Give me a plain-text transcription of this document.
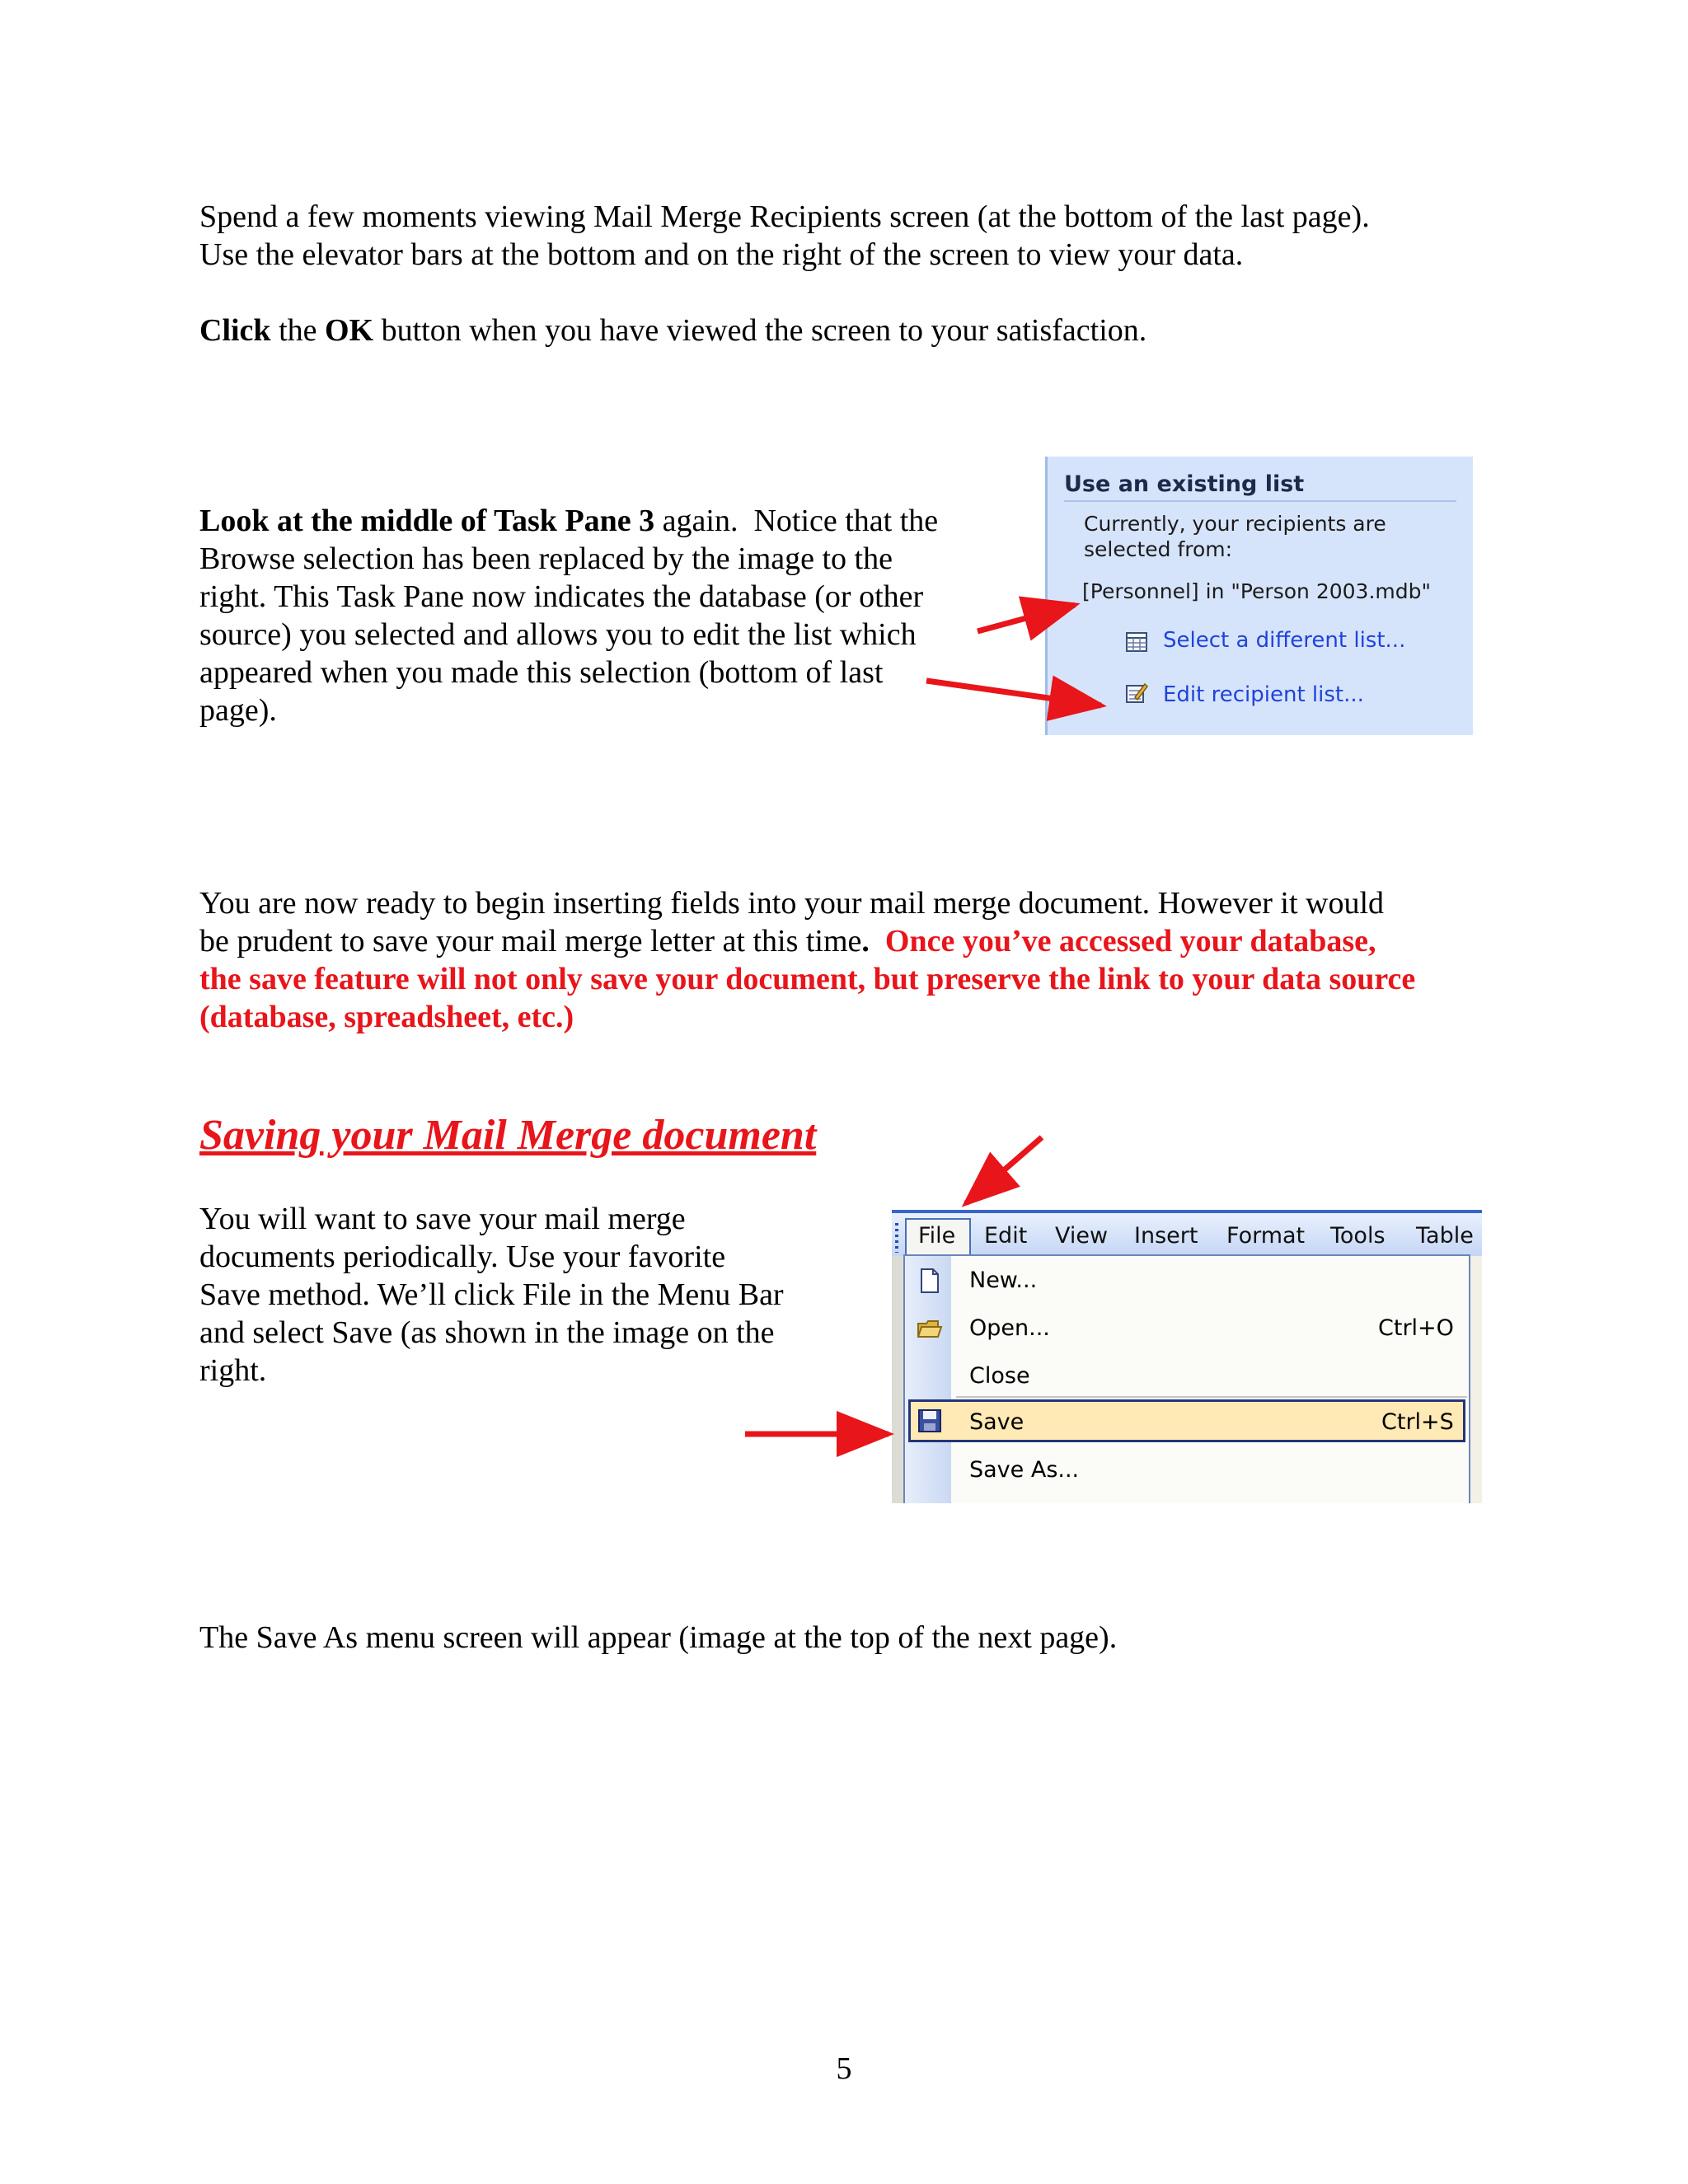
Spend a few moments viewing Mail Merge Recipients screen (at the bottom of the last page).
Use the elevator bars at the bottom and on the right of the screen to view your data.
Click the OK button when you have viewed the screen to your satisfaction.
Look at the middle of Task Pane 3 again.  Notice that the
Browse selection has been replaced by the image to the
right. This Task Pane now indicates the database (or other
source) you selected and allows you to edit the list which
appeared when you made this selection (bottom of last
page).
Use an existing list
Currently, your recipients are
selected from:
[Personnel] in "Person 2003.mdb"
Select a different list...
Edit recipient list...
You are now ready to begin inserting fields into your mail merge document. However it would
be prudent to save your mail merge letter at this time.  Once you’ve accessed your database,
the save feature will not only save your document, but preserve the link to your data source
(database, spreadsheet, etc.)
Saving your Mail Merge document
You will want to save your mail merge
documents periodically. Use your favorite
Save method. We’ll click File in the Menu Bar
and select Save (as shown in the image on the
right.
File Edit View Insert Format Tools Table
New...
Open...	Ctrl+O
Close
Save	Ctrl+S
Save As...
The Save As menu screen will appear (image at the top of the next page).
5
